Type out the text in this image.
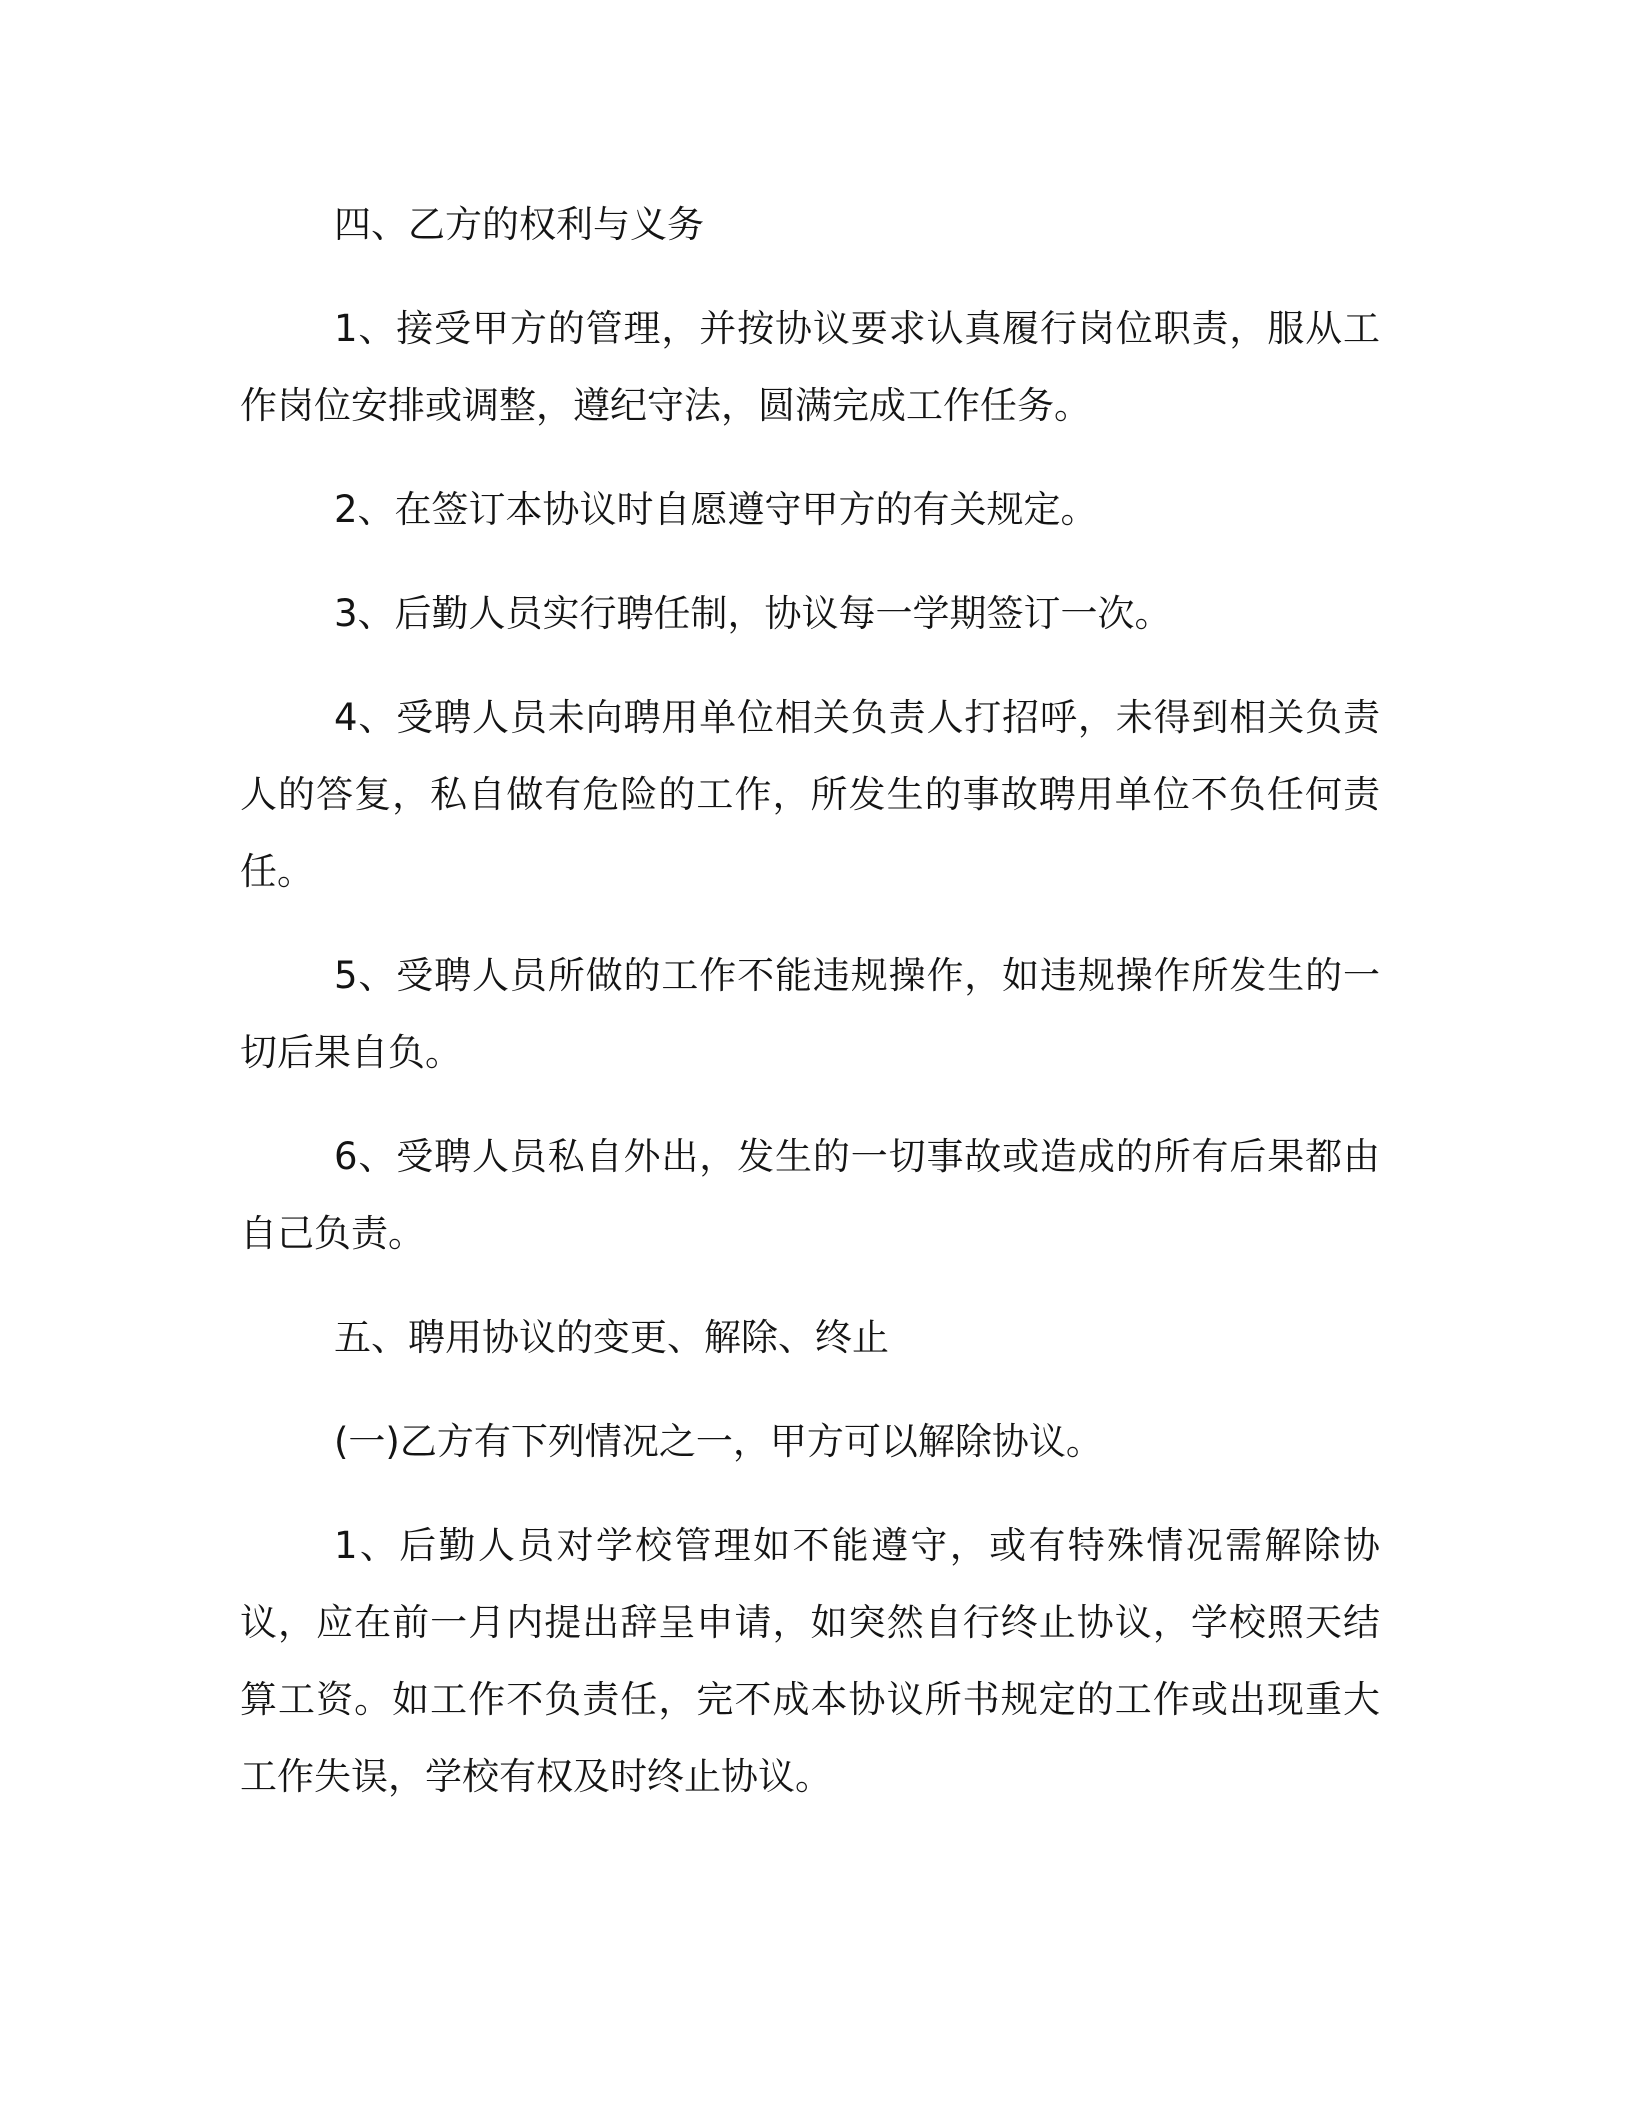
四、乙方的权利与义务

1、接受甲方的管理，并按协议要求认真履行岗位职责，服从工作岗位安排或调整，遵纪守法，圆满完成工作任务。

2、在签订本协议时自愿遵守甲方的有关规定。

3、后勤人员实行聘任制，协议每一学期签订一次。

4、受聘人员未向聘用单位相关负责人打招呼，未得到相关负责人的答复，私自做有危险的工作，所发生的事故聘用单位不负任何责任。

5、受聘人员所做的工作不能违规操作，如违规操作所发生的一切后果自负。

6、受聘人员私自外出，发生的一切事故或造成的所有后果都由自己负责。

五、聘用协议的变更、解除、终止

(一)乙方有下列情况之一，甲方可以解除协议。

1、后勤人员对学校管理如不能遵守，或有特殊情况需解除协议，应在前一月内提出辞呈申请，如突然自行终止协议，学校照天结算工资。如工作不负责任，完不成本协议所书规定的工作或出现重大工作失误，学校有权及时终止协议。
